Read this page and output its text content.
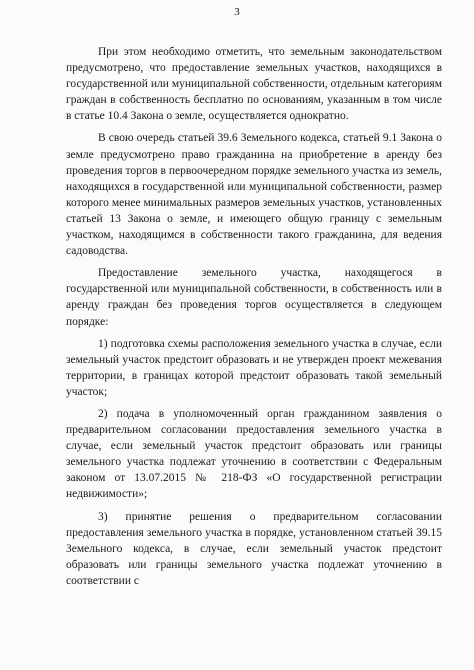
3

При этом необходимо отметить, что земельным законодательством предусмотрено, что предоставление земельных участков, находящихся в государственной или муниципальной собственности, отдельным категориям граждан в собственность бесплатно по основаниям, указанным в том числе в статье 10.4 Закона о земле, осуществляется однократно.

В свою очередь статьей 39.6 Земельного кодекса, статьей 9.1 Закона о земле предусмотрено право гражданина на приобретение в аренду без проведения торгов в первоочередном порядке земельного участка из земель, находящихся в государственной или муниципальной собственности, размер которого менее минимальных размеров земельных участков, установленных статьей 13 Закона о земле, и имеющего общую границу с земельным участком, находящимся в собственности такого гражданина, для ведения садоводства.

Предоставление земельного участка, находящегося в государственной или муниципальной собственности, в собственность или в аренду граждан без проведения торгов осуществляется в следующем порядке:

1) подготовка схемы расположения земельного участка в случае, если земельный участок предстоит образовать и не утвержден проект межевания территории, в границах которой предстоит образовать такой земельный участок;

2) подача в уполномоченный орган гражданином заявления о предварительном согласовании предоставления земельного участка в случае, если земельный участок предстоит образовать или границы земельного участка подлежат уточнению в соответствии с Федеральным законом от 13.07.2015 № 218-ФЗ «О государственной регистрации недвижимости»;

3) принятие решения о предварительном согласовании предоставления земельного участка в порядке, установленном статьей 39.15 Земельного кодекса, в случае, если земельный участок предстоит образовать или границы земельного участка подлежат уточнению в соответствии с
